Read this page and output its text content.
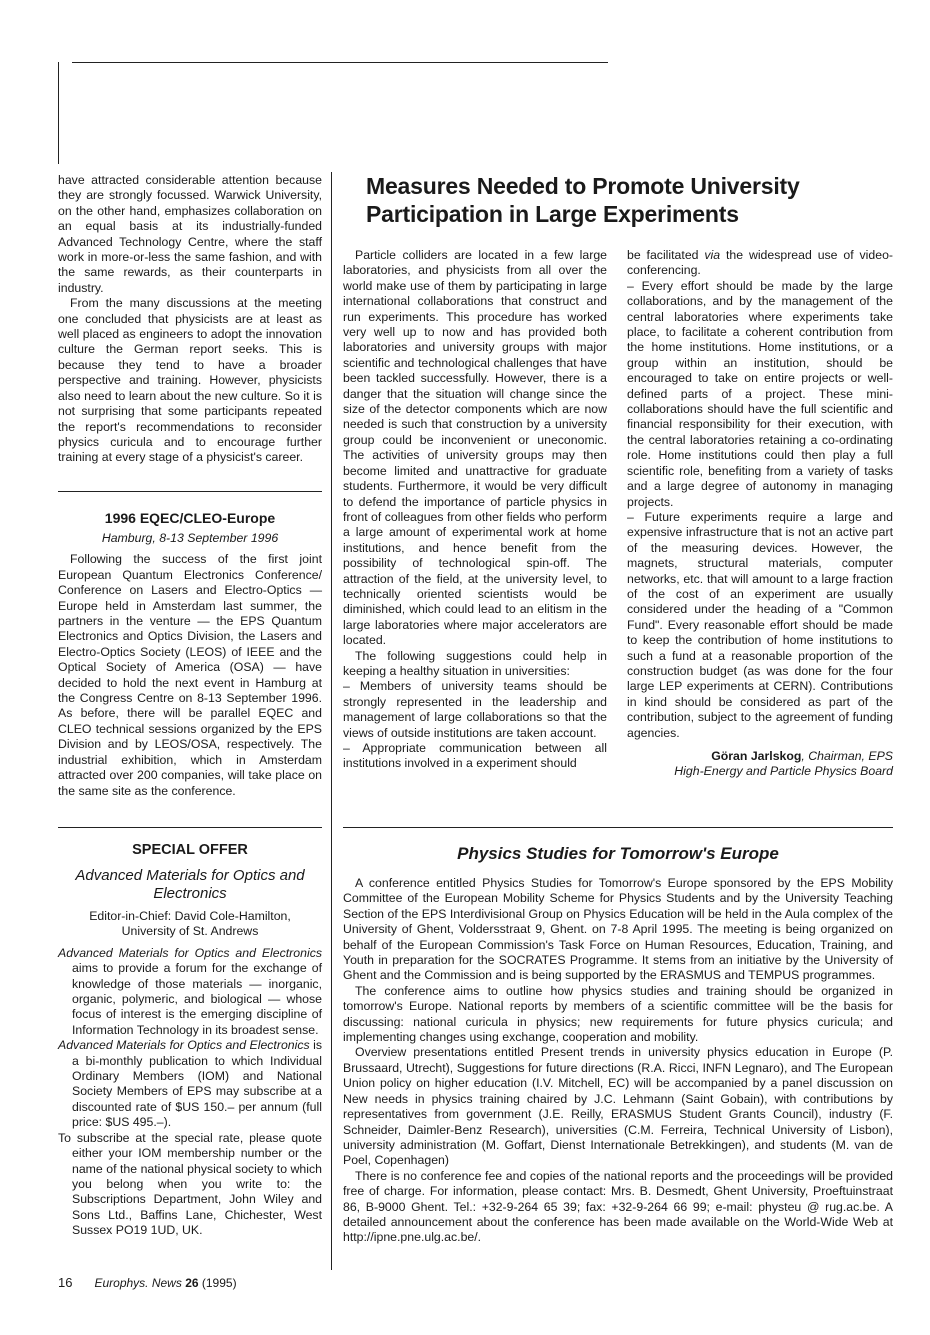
have attracted considerable attention because they are strongly focussed. Warwick University, on the other hand, emphasizes collaboration on an equal basis at its industrially-funded Advanced Technology Centre, where the staff work in more-or-less the same fashion, and with the same rewards, as their counterparts in industry.

From the many discussions at the meeting one concluded that physicists are at least as well placed as engineers to adopt the innovation culture the German report seeks. This is because they tend to have a broader perspective and training. However, physicists also need to learn about the new culture. So it is not surprising that some participants repeated the report's recommendations to reconsider physics curicula and to encourage further training at every stage of a physicist's career.

1996 EQEC/CLEO-Europe

Hamburg, 8-13 September 1996

Following the success of the first joint European Quantum Electronics Conference/ Conference on Lasers and Electro-Optics — Europe held in Amsterdam last summer, the partners in the venture — the EPS Quantum Electronics and Optics Division, the Lasers and Electro-Optics Society (LEOS) of IEEE and the Optical Society of America (OSA) — have decided to hold the next event in Hamburg at the Congress Centre on 8-13 September 1996. As before, there will be parallel EQEC and CLEO technical sessions organized by the EPS Division and by LEOS/OSA, respectively. The industrial exhibition, which in Amsterdam attracted over 200 companies, will take place on the same site as the conference.

SPECIAL OFFER

Advanced Materials for Optics and Electronics

Editor-in-Chief: David Cole-Hamilton,

University of St. Andrews

Advanced Materials for Optics and Electronics aims to provide a forum for the exchange of knowledge of those materials — inorganic, organic, polymeric, and biological — whose focus of interest is the emerging discipline of Information Technology in its broadest sense.

Advanced Materials for Optics and Electronics is a bi-monthly publication to which Individual Ordinary Members (IOM) and National Society Members of EPS may subscribe at a discounted rate of $US 150.– per annum (full price: $US 495.–).

To subscribe at the special rate, please quote either your IOM membership number or the name of the national physical society to which you belong when you write to: the Subscriptions Department, John Wiley and Sons Ltd., Baffins Lane, Chichester, West Sussex PO19 1UD, UK.

Measures Needed to Promote University
Participation in Large Experiments

Particle colliders are located in a few large laboratories, and physicists from all over the world make use of them by participating in large international collaborations that construct and run experiments. This procedure has worked very well up to now and has provided both laboratories and university groups with major scientific and technological challenges that have been tackled successfully. However, there is a danger that the situation will change since the size of the detector components which are now needed is such that construction by a university group could be inconvenient or uneconomic. The activities of university groups may then become limited and unattractive for graduate students. Furthermore, it would be very difficult to defend the importance of particle physics in front of colleagues from other fields who perform a large amount of experimental work at home institutions, and hence benefit from the possibility of technological spin-off. The attraction of the field, at the university level, to technically oriented scientists would be diminished, which could lead to an elitism in the large laboratories where major accelerators are located.

The following suggestions could help in keeping a healthy situation in universities:

– Members of university teams should be strongly represented in the leadership and management of large collaborations so that the views of outside institutions are taken account.

– Appropriate communication between all institutions involved in a experiment should

be facilitated via the widespread use of video-conferencing.

– Every effort should be made by the large collaborations, and by the management of the central laboratories where experiments take place, to facilitate a coherent contribution from the home institutions. Home institutions, or a group within an institution, should be encouraged to take on entire projects or well-defined parts of a project. These mini-collaborations should have the full scientific and financial responsibility for their execution, with the central laboratories retaining a co-ordinating role. Home institutions could then play a full scientific role, benefiting from a variety of tasks and a large degree of autonomy in managing projects.

– Future experiments require a large and expensive infrastructure that is not an active part of the measuring devices. However, the magnets, structural materials, computer networks, etc. that will amount to a large fraction of the cost of an experiment are usually considered under the heading of a "Common Fund". Every reasonable effort should be made to keep the contribution of home institutions to such a fund at a reasonable proportion of the construction budget (as was done for the four large LEP experiments at CERN). Contributions in kind should be considered as part of the contribution, subject to the agreement of funding agencies.

Göran Jarlskog, Chairman, EPS

High-Energy and Particle Physics Board

Physics Studies for Tomorrow's Europe

A conference entitled Physics Studies for Tomorrow's Europe sponsored by the EPS Mobility Committee of the European Mobility Scheme for Physics Students and by the University Teaching Section of the EPS Interdivisional Group on Physics Education will be held in the Aula complex of the University of Ghent, Voldersstraat 9, Ghent. on 7-8 April 1995. The meeting is being organized on behalf of the European Commission's Task Force on Human Resources, Education, Training, and Youth in preparation for the SOCRATES Programme. It stems from an initiative by the University of Ghent and the Commission and is being supported by the ERASMUS and TEMPUS programmes.

The conference aims to outline how physics studies and training should be organized in tomorrow's Europe. National reports by members of a scientific committee will be the basis for discussing: national curicula in physics; new requirements for future physics curicula; and implementing changes using exchange, cooperation and mobility.

Overview presentations entitled Present trends in university physics education in Europe (P. Brussaard, Utrecht), Suggestions for future directions (R.A. Ricci, INFN Legnaro), and The European Union policy on higher education (I.V. Mitchell, EC) will be accompanied by a panel discussion on New needs in physics training chaired by J.C. Lehmann (Saint Gobain), with contributions by representatives from government (J.E. Reilly, ERASMUS Student Grants Council), industry (F. Schneider, Daimler-Benz Research), universities (C.M. Ferreira, Technical University of Lisbon), university administration (M. Goffart, Dienst Internationale Betrekkingen), and students (M. van de Poel, Copenhagen)

There is no conference fee and copies of the national reports and the proceedings will be provided free of charge. For information, please contact: Mrs. B. Desmedt, Ghent University, Proeftuinstraat 86, B-9000 Ghent. Tel.: +32-9-264 65 39; fax: +32-9-264 66 99; e-mail: physteu @ rug.ac.be. A detailed announcement about the conference has been made available on the World-Wide Web at http://ipne.pne.ulg.ac.be/.

16 Europhys. News 26 (1995)
